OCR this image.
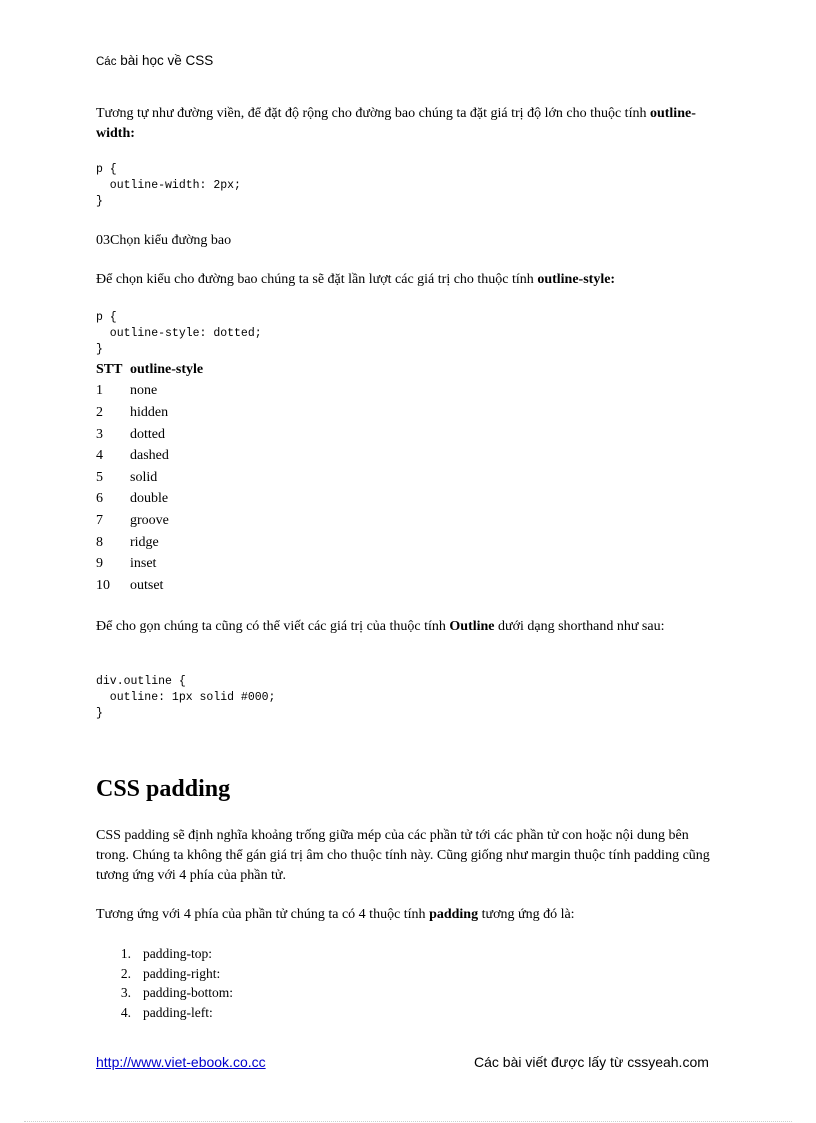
Các bài học về CSS

Tương tự như đường viền, để đặt độ rộng cho đường bao chúng ta đặt giá trị độ lớn cho thuộc tính outline-width:

p {
outline-width: 2px;
}

03Chọn kiểu đường bao

Để chọn kiểu cho đường bao chúng ta sẽ đặt lần lượt các giá trị cho thuộc tính outline-style:

p {
outline-style: dotted;
}
STT	outline-style
1	none
2	hidden
3	dotted
4	dashed
5	solid
6	double
7	groove
8	ridge
9	inset
10	outset

Để cho gọn chúng ta cũng có thể viết các giá trị của thuộc tính Outline dưới dạng shorthand như sau:

div.outline {
outline: 1px solid #000;
}
CSS padding

CSS padding sẽ định nghĩa khoảng trống giữa mép của các phần tử tới các phần tử con hoặc nội dung bên trong. Chúng ta không thể gán giá trị âm cho thuộc tính này. Cũng giống như margin thuộc tính padding cũng tương ứng với 4 phía của phần tử.

Tương ứng với 4 phía của phần tử chúng ta có 4 thuộc tính padding tương ứng đó là:

1. padding-top:
2. padding-right:
3. padding-bottom:
4. padding-left:
http://www.viet-ebook.co.cc	Các bài viết được lấy từ cssyeah.com
